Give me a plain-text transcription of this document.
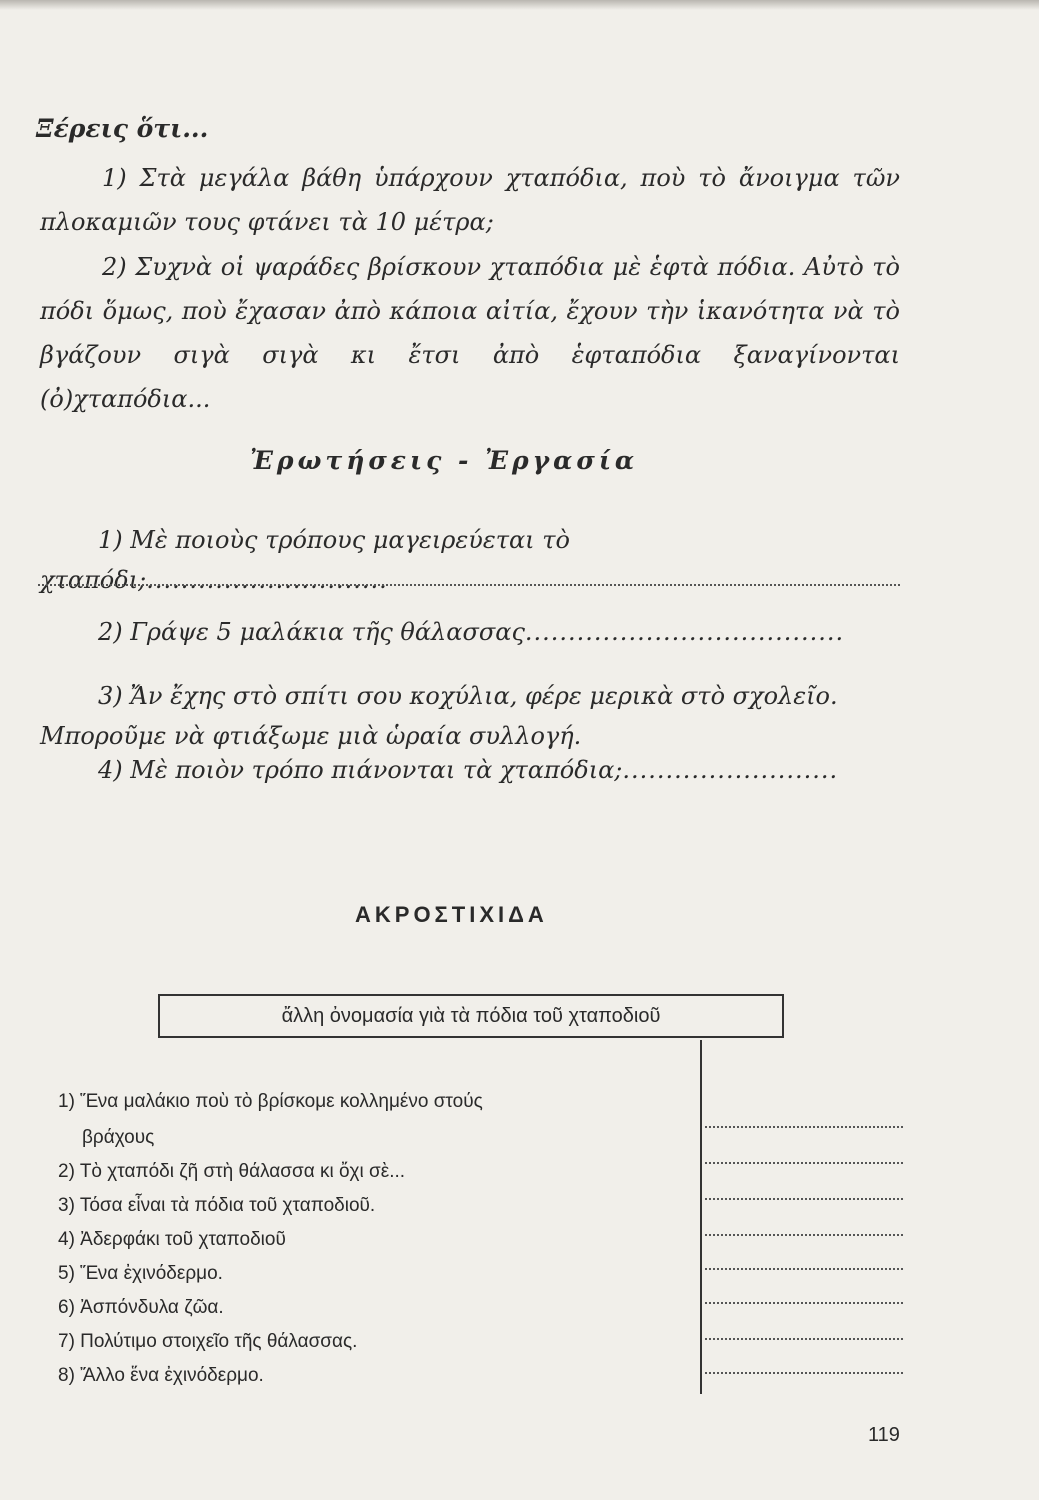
Ξέρεις ὅτι...
1) Στὰ μεγάλα βάθη ὑπάρχουν χταπόδια, ποὺ τὸ ἄνοιγμα τῶν πλοκαμιῶν τους φτάνει τὰ 10 μέτρα;
2) Συχνὰ οἱ ψαράδες βρίσκουν χταπόδια μὲ ἑφτὰ πόδια. Αὐτὸ τὸ πόδι ὅμως, ποὺ ἔχασαν ἀπὸ κάποια αἰτία, ἔχουν τὴν ἱκανότητα νὰ τὸ βγάζουν σιγὰ σιγὰ κι ἔτσι ἀπὸ ἑφταπόδια ξαναγίνονται (ὀ)χταπόδια...
Ἐρωτήσεις - Ἐργασία
1) Μὲ ποιοὺς τρόπους μαγειρεύεται τὸ χταπόδι;............................
2) Γράψε 5 μαλάκια τῆς θάλασσας.....................................
3) Ἄν ἔχης στὸ σπίτι σου κοχύλια, φέρε μερικὰ στὸ σχολεῖο. Μποροῦμε νὰ φτιάξωμε μιὰ ὡραία συλλογή.
4) Μὲ ποιὸν τρόπο πιάνονται τὰ χταπόδια;.........................
ΑΚΡΟΣΤΙΧΙΔΑ
ἄλλη ὀνομασία γιὰ τὰ πόδια τοῦ χταποδιοῦ
1) Ἕνα μαλάκιο ποὺ τὸ βρίσκομε κολλημένο στούς
βράχους
2) Τὸ χταπόδι ζῆ στὴ θάλασσα κι ὄχι σὲ...
3) Τόσα εἶναι τὰ πόδια τοῦ χταποδιοῦ.
4) Ἀδερφάκι τοῦ χταποδιοῦ
5) Ἕνα ἐχινόδερμο.
6) Ἀσπόνδυλα ζῶα.
7) Πολύτιμο στοιχεῖο τῆς θάλασσας.
8) Ἄλλο ἕνα ἐχινόδερμο.
119
